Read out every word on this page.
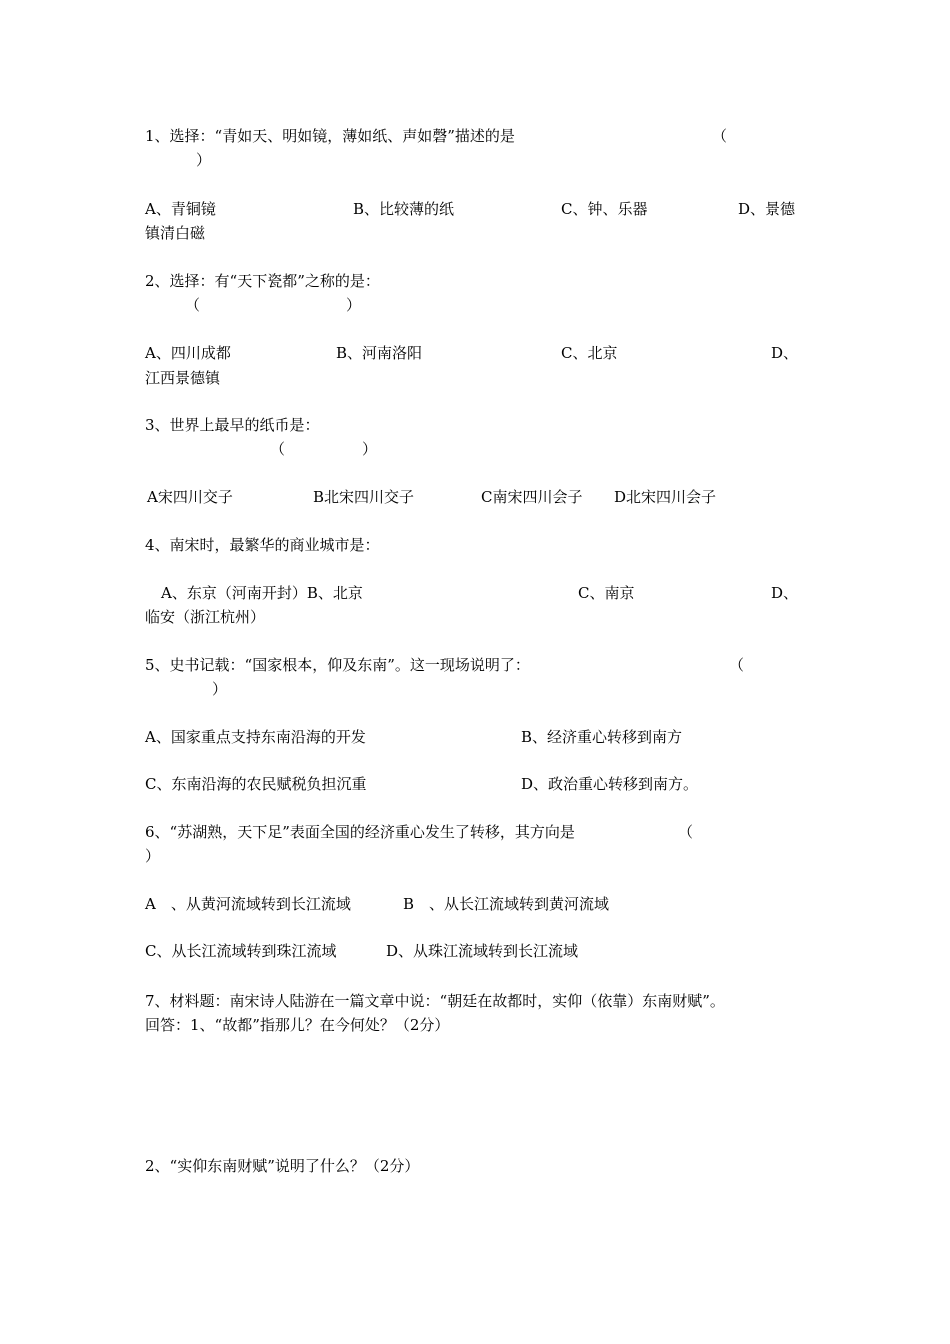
1、选择：“青如天、明如镜，薄如纸、声如磬”描述的是	（
）
A、青铜镜	B、比较薄的纸	C、钟、乐器	D、景德
镇清白磁
2、选择：有“天下瓷都”之称的是：
（	）
A、四川成都	B、河南洛阳	C、北京	D、
江西景德镇
3、世界上最早的纸币是：
（	）
A宋四川交子	B北宋四川交子	C南宋四川会子 D北宋四川会子
4、南宋时，最繁华的商业城市是：
A、东京（河南开封）B、北京	C、南京	D、
临安（浙江杭州）
5、史书记载：“国家根本，仰及东南”。这一现场说明了：	（
）
A、国家重点支持东南沿海的开发	B、经济重心转移到南方
C、东南沿海的农民赋税负担沉重	D、政治重心转移到南方。
6、“苏湖熟，天下足”表面全国的经济重心发生了转移，其方向是	（
）
A　、从黄河流域转到长江流域	B　、从长江流域转到黄河流域
C、从长江流域转到珠江流域	D、从珠江流域转到长江流域
7、材料题：南宋诗人陆游在一篇文章中说：“朝廷在故都时，实仰（依靠）东南财赋”。
回答：1、“故都”指那儿？在今何处？（2分）
2、“实仰东南财赋”说明了什么？（2分）
